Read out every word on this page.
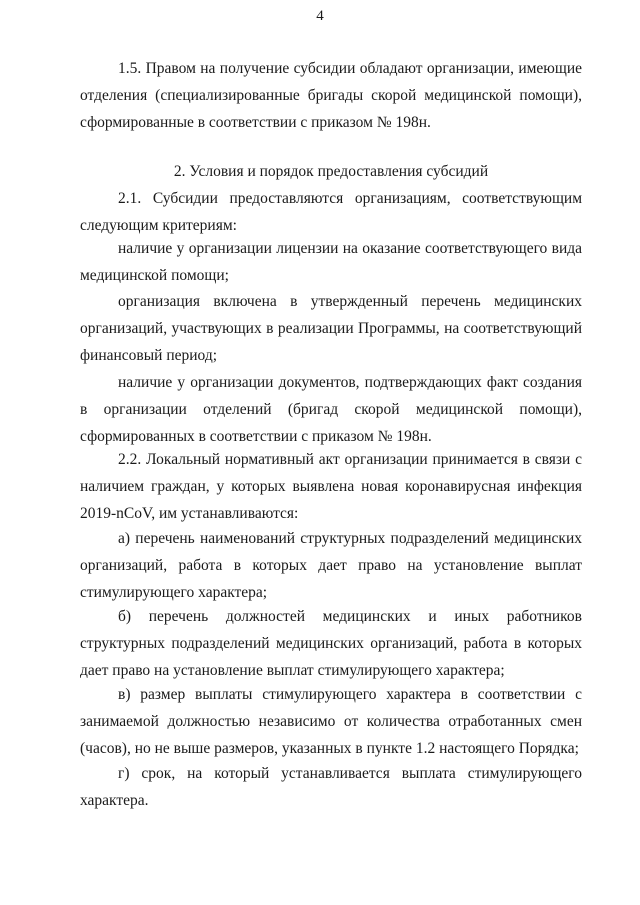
4

1.5. Правом на получение субсидии обладают организации, имеющие отделения (специализированные бригады скорой медицинской помощи), сформированные в соответствии с приказом № 198н.

2. Условия и порядок предоставления субсидий

2.1. Субсидии предоставляются организациям, соответствующим следующим критериям:

наличие у организации лицензии на оказание соответствующего вида медицинской помощи;

организация включена в утвержденный перечень медицинских организаций, участвующих в реализации Программы, на соответствующий финансовый период;

наличие у организации документов, подтверждающих факт создания в организации отделений (бригад скорой медицинской помощи), сформированных в соответствии с приказом № 198н.

2.2. Локальный нормативный акт организации принимается в связи с наличием граждан, у которых выявлена новая коронавирусная инфекция 2019-nCoV, им устанавливаются:

а) перечень наименований структурных подразделений медицинских организаций, работа в которых дает право на установление выплат стимулирующего характера;

б) перечень должностей медицинских и иных работников структурных подразделений медицинских организаций, работа в которых дает право на установление выплат стимулирующего характера;

в) размер выплаты стимулирующего характера в соответствии с занимаемой должностью независимо от количества отработанных смен (часов), но не выше размеров, указанных в пункте 1.2 настоящего Порядка;

г) срок, на который устанавливается выплата стимулирующего характера.
